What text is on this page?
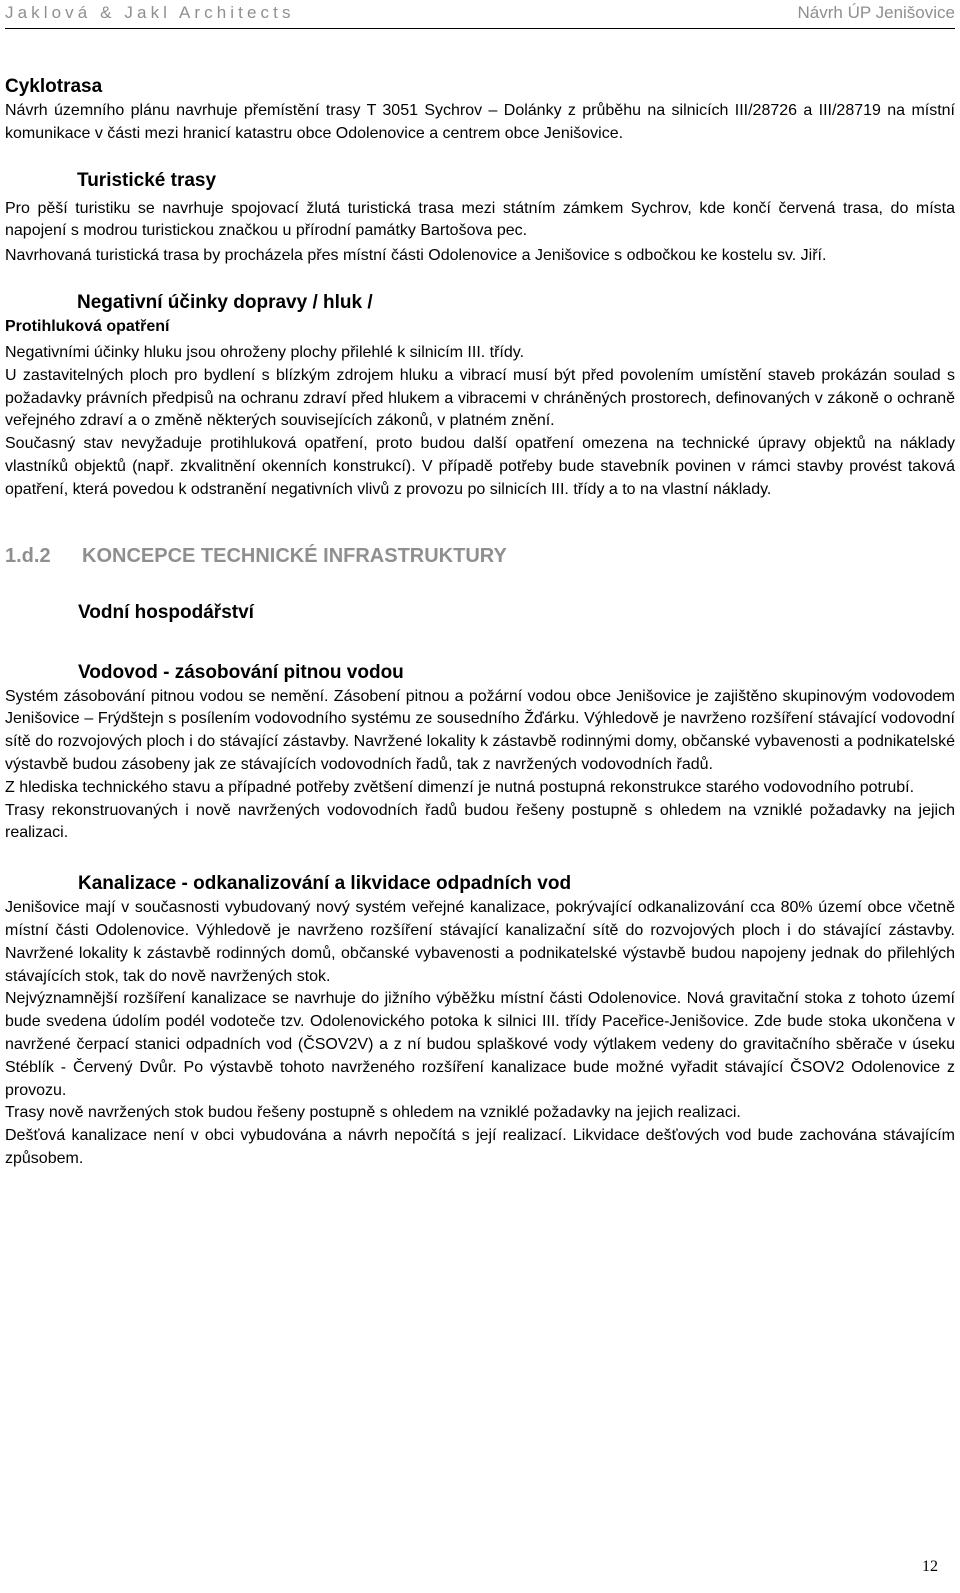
Jaklová & Jakl Architects	Návrh ÚP Jenišovice
Cyklotrasa

Návrh územního plánu navrhuje přemístění trasy T 3051 Sychrov – Dolánky z průběhu na silnicích III/28726 a III/28719 na místní komunikace v části mezi hranicí katastru obce Odolenovice a centrem obce Jenišovice.

Turistické trasy

Pro pěší turistiku se navrhuje spojovací žlutá turistická trasa mezi státním zámkem Sychrov, kde končí červená trasa, do místa napojení s modrou turistickou značkou u přírodní památky Bartošova pec.

Navrhovaná turistická trasa by procházela přes místní části Odolenovice a Jenišovice s odbočkou ke kostelu sv. Jiří.

Negativní účinky dopravy / hluk /
Protihluková opatření

Negativními účinky hluku jsou ohroženy plochy přilehlé k silnicím III. třídy.

U zastavitelných ploch pro bydlení s blízkým zdrojem hluku a vibrací musí být před povolením umístění staveb prokázán soulad s požadavky právních předpisů na ochranu zdraví před hlukem a vibracemi v chráněných prostorech, definovaných v zákoně o ochraně veřejného zdraví a o změně některých souvisejících zákonů, v platném znění.

Současný stav nevyžaduje protihluková opatření, proto budou další opatření omezena na technické úpravy objektů na náklady vlastníků objektů (např. zkvalitnění okenních konstrukcí). V případě potřeby bude stavebník povinen v rámci stavby provést taková opatření, která povedou k odstranění negativních vlivů z provozu po silnicích III. třídy a to na vlastní náklady.

1.d.2 KONCEPCE TECHNICKÉ INFRASTRUKTURY
Vodní hospodářství
Vodovod - zásobování pitnou vodou

Systém zásobování pitnou vodou se nemění. Zásobení pitnou a požární vodou obce Jenišovice je zajištěno skupinovým vodovodem Jenišovice – Frýdštejn s posílením vodovodního systému ze sousedního Žďárku. Výhledově je navrženo rozšíření stávající vodovodní sítě do rozvojových ploch i do stávající zástavby. Navržené lokality k zástavbě rodinnými domy, občanské vybavenosti a podnikatelské výstavbě budou zásobeny jak ze stávajících vodovodních řadů, tak z navržených vodovodních řadů.

Z hlediska technického stavu a případné potřeby zvětšení dimenzí je nutná postupná rekonstrukce starého vodovodního potrubí.

Trasy rekonstruovaných i nově navržených vodovodních řadů budou řešeny postupně s ohledem na vzniklé požadavky na jejich realizaci.

Kanalizace - odkanalizování a likvidace odpadních vod

Jenišovice mají v současnosti vybudovaný nový systém veřejné kanalizace, pokrývající odkanalizování cca 80% území obce včetně místní části Odolenovice. Výhledově je navrženo rozšíření stávající kanalizační sítě do rozvojových ploch i do stávající zástavby. Navržené lokality k zástavbě rodinných domů, občanské vybavenosti a podnikatelské výstavbě budou napojeny jednak do přilehlých stávajících stok, tak do nově navržených stok.

Nejvýznamnější rozšíření kanalizace se navrhuje do jižního výběžku místní části Odolenovice. Nová gravitační stoka z tohoto území bude svedena údolím podél vodoteče tzv. Odolenovického potoka k silnici III. třídy Paceřice-Jenišovice. Zde bude stoka ukončena v navržené čerpací stanici odpadních vod (ČSOV2V) a z ní budou splaškové vody výtlakem vedeny do gravitačního sběrače v úseku Stéblík - Červený Dvůr. Po výstavbě tohoto navrženého rozšíření kanalizace bude možné vyřadit stávající ČSOV2 Odolenovice z provozu.

Trasy nově navržených stok budou řešeny postupně s ohledem na vzniklé požadavky na jejich realizaci.

Dešťová kanalizace není v obci vybudována a návrh nepočítá s její realizací. Likvidace dešťových vod bude zachována stávajícím způsobem.

12
